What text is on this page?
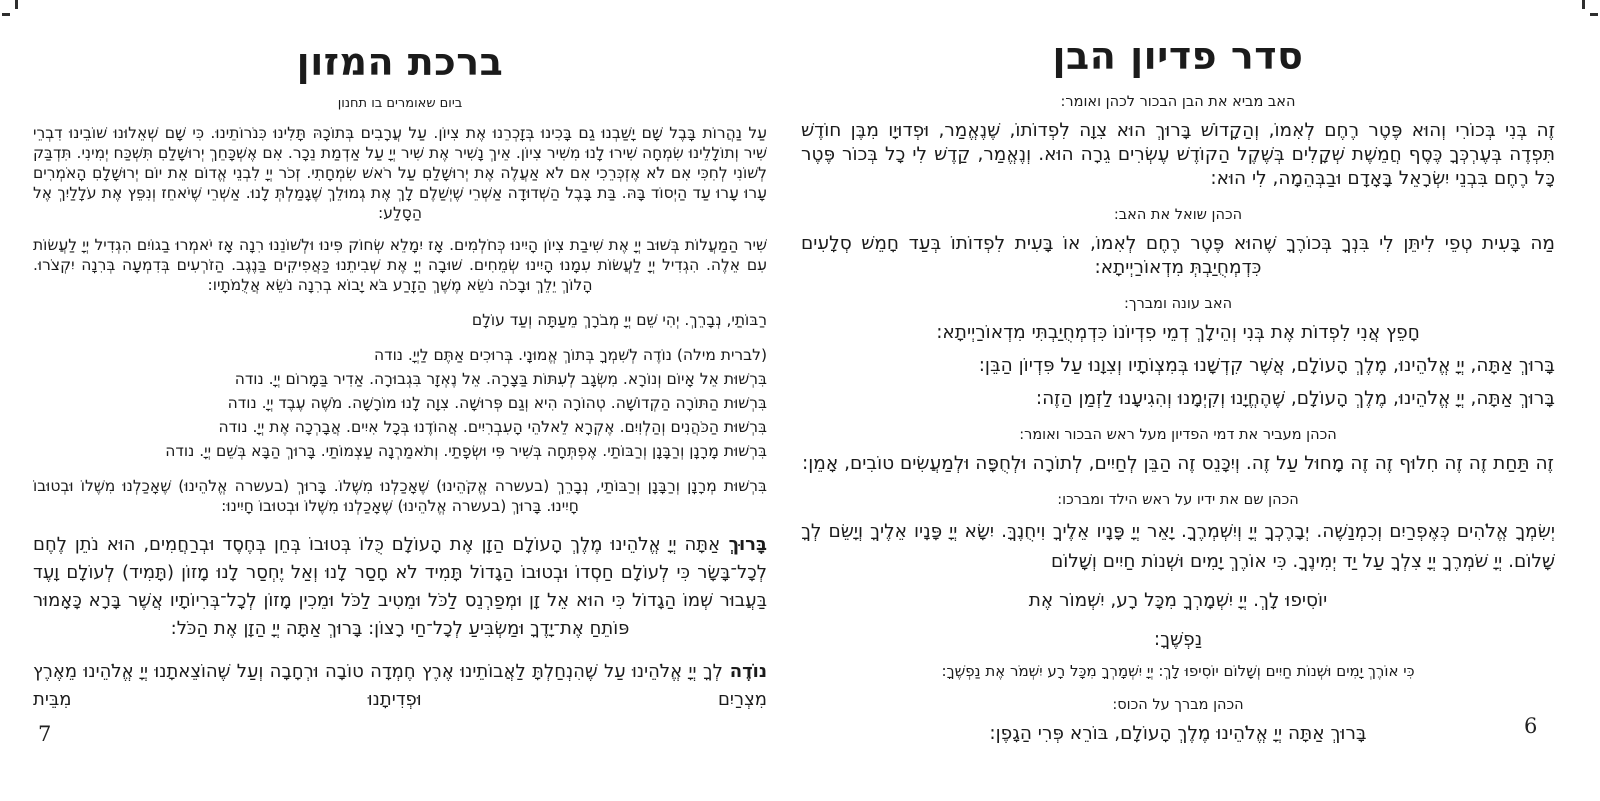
סדר פדיון הבן
האב מביא את הבן הבכור לכהן ואומר:
זֶה בְּנִי בְּכוֹרִי וְהוּא פֶּטֶר רֶחֶם לְאִמוֹ, וְהַקָדוֹשׁ בָּרוּךְ הוּא צִוָה לִפְדוֹתוֹ, שֶׁנֶאֱמַר, וּפְדוּיָו מִבֶּן חוֹדֶשׁ תִּפְדֶה בְּעֶרְכְּךָ כֶּסֶף חֲמֵשֶׁת שְׁקָלִים בְּשֶׁקֶל הַקוֹדֶשׁ עֶשְׂרִים גֵרָה הוּא. וְנֶאֱמַר, קַדֶשׁ לִי כָל בְּכוֹר פֶּטֶר כָּל רֶחֶם בִּבְנֵי יִשְׂרָאֵל בָּאָדָם וּבַבְּהֵמָה, לִי הוּא:
הכהן שואל את האב:
מַה בָּעִית טְפֵי לִיתֵּן לִי בִּנְךָ בְּכוֹרֶךָ שֶׁהוּא פֶּטֶר רֶחֶם לְאִמוֹ, אוֹ בָּעִית לִפְדוֹתוֹ בְּעַד חָמֵשׁ סְלָעִים כִּדְמְחֻיַבְתְּ מִדְאוֹרַיְיתָא:
האב עונה ומברך:
חָפֵץ אֲנִי לִפְדוֹת אֶת בְּנִי וְהֵילָךְ דְמֵי פִדְיוֹנוֹ כִּדְמְחֻיַבְתִּי מִדְאוֹרַיְיתָא:
בָּרוּךְ אַתָּה, יְיָ אֱלֹהֵינוּ, מֶלֶךְ הָעוֹלָם, אֲשֶׁר קִדְשָׁנוּ בְּמִצְוֹתָיו וְצִוָנוּ עַל פִּדְיוֹן הַבֵּן:
בָּרוּךְ אַתָּה, יְיָ אֱלֹהֵינוּ, מֶלֶךְ הָעוֹלָם, שֶׁהֶחֱיָנוּ וְקִיְמָנוּ וְהִגִיעָנוּ לַזְמַן הַזֶה:
הכהן מעביר את דמי הפדיון מעל ראש הבכור ואומר:
זֶה תַּחַת זֶה זֶה חִלוּף זֶה זֶה מָחוּל עַל זֶה. וְיִכָּנֵס זֶה הַבֵּן לְחַיִים, לְתוֹרָה וּלְחֻפָּה וּלְמַעֲשִׂים טוֹבִים, אָמֵן:
הכהן שם את ידיו על ראש הילד ומברכו:
יְשִׂמְךָ אֱלֹהִים כְּאֶפְרַיִם וְכִמְנַשֶׁה. יְבָרֶכְךָ יְיָ וְיִשְׁמְרֶךָ. יָאֵר יְיָ פָּנָיו אֵלֶיךָ וִיחֻנֶךָּ. יִשָׂא יְיָ פָּנָיו אֵלֶיךָ וְיָשֵׂם לְךָ שָׁלוֹם. יְיָ שֹׁמְרֶךָ יְיָ צִלְךָ עַל יַד יְמִינֶךָ. כִּי אוֹרֶךְ יָמִים וּשְׁנוֹת חַיִים וְשָׁלוֹם
יוֹסִיפוּ לָךְ. יְיָ יִשְׁמָרְךָ מִכָּל רָע, יִשְׁמוֹר אֶת
נַפְשֶׁךָ:
כִּי אוֹרֶךְ יָמִים וּשְׁנוֹת חַיִים וְשָׁלוֹם יוֹסִיפוּ לָךְ: יְיָ יִשְׁמָרְךָ מִכָּל רָע יִשְׁמֹר אֶת נַפְשֶׁךָ:
הכהן מברך על הכוס:
בָּרוּךְ אַתָּה יְיָ אֱלֹהֵינוּ מֶלֶךְ הָעוֹלָם, בּוֹרֵא פְּרִי הַגָפֶן:
ברכת המזון
ביום שאומרים בו תחנון
עַל נַהֲרוֹת בָּבֶל שָׁם יָשַׁבְנוּ גַם בָּכִינוּ בְּזָכְרֵנוּ אֶת צִיוֹן. עַל עֲרָבִים בְּתוֹכָהּ תָּלִינוּ כִּנֹרוֹתֵינוּ. כִּי שָׁם שְׁאֵלוּנוּ שׁוֹבֵינוּ דִבְרֵי שִׁיר וְתוֹלָלֵינוּ שִׂמְחָה שִׁירוּ לָנוּ מִשִׁיר צִיוֹן. אֵיךְ נָשִׁיר אֶת שִׁיר יְיָ עַל אַדְמַת נֵכָר. אִם אֶשְׁכָּחֵךְ יְרוּשָׁלַםִ תִּשְׁכַּח יְמִינִי. תִּדְבַּק לְשׁוֹנִי לְחִכִּי אִם לֹא אֶזְכְּרֵכִי אִם לֹא אַעֲלֶה אֶת יְרוּשָׁלַםִ עַל רֹאשׁ שִׂמְחָתִי. זְכֹר יְיָ לִבְנֵי אֱדוֹם אֵת יוֹם יְרוּשָׁלָםִ הָאֹמְרִים עָרוּ עָרוּ עַד הַיְסוֹד בָּהּ. בַּת בָּבֶל הַשְׁדוּדָה אַשְׁרֵי שֶׁיְשַׁלֶם לָךְ אֶת גְמוּלֵךְ שֶׁגָמַלְתְּ לָנוּ. אַשְׁרֵי שֶׁיֹאחֵז וְנִפֵּץ אֶת עֹלָלַיִךְ אֶל הַסָלַע:
שִׁיר הַמַעֲלוֹת בְּשׁוּב יְיָ אֶת שִׁיבַת צִיוֹן הָיִינוּ כְּחֹלְמִים. אָז יִמָלֵא שְׂחוֹק פִּינוּ וּלְשׁוֹנֵנוּ רִנָה אָז יֹאמְרוּ בַגוֹיִם הִגְדִיל יְיָ לַעֲשׂוֹת עִם אֵלֶה. הִגְדִיל יְיָ לַעֲשׂוֹת עִמָנוּ הָיִינוּ שְׂמֵחִים. שׁוּבָה יְיָ אֶת שְׁבִיתֵנוּ כַּאֲפִיקִים בַּנֶגֶב. הַזֹרְעִים בְּדִמְעָה בְּרִנָה יִקְצֹרוּ. הָלוֹךְ יֵלֵךְ וּבָכֹה נֹשֵׂא מֶשֶׁךְ הַזָרַע בֹּא יָבוֹא בְרִנָה נֹשֵׂא אֲלֻמֹתָיו:
רַבּוֹתַי, נְבָרֵךְ. יְהִי שֵׁם יְיָ מְבֹרָךְ מֵעַתָּה וְעַד עוֹלָם
(לברית מילה) נוֹדֶה לְשִׁמְךָ בְּתוֹךְ אֱמוּנָי. בְּרוּכִים אַתֶּם לַיְיָ. נודה
בִּרְשׁוּת אֵל אָיוֹם וְנוֹרָא. מִשְׂגָב לְעִתּוֹת בַּצָרָה. אֵל נֶאְזָר בִּגְבוּרָה. אַדִיר בַּמָרוֹם יְיָ. נודה
בִּרְשׁוּת הַתּוֹרָה הַקְדוֹשָׁה. טְהוֹרָה הִיא וְגַם פְּרוּשָׁה. צִוָה לָנוּ מוֹרָשָׁה. מֹשֶׁה עֶבֶד יְיָ. נודה
בִּרְשׁוּת הַכֹּהֲנִים וְהַלְוִיִם. אֶקְרָא לֵאלֹהֵי הָעִבְרִיִים. אֲהוֹדֶנוּ בְּכָל אִיִים. אֲבָרְכָה אֶת יְיָ. נודה
בִּרְשׁוּת מָרָנָן וְרַבָּנָן וְרַבּוֹתַי. אֶפְתְּחָה בְּשִׁיר פִּי וּשְׂפָתַי. וְתֹאמַרְנָה עַצְמוֹתַי. בָּרוּךְ הַבָּא בְּשֵׁם יְיָ. נודה
בִּרְשׁוּת מְרָנָן וְרַבָּנָן וְרַבּוֹתַי, נְבָרֵךְ (בעשרה אֱקֹהֵינוּ) שֶׁאָכַלְנוּ מִשֶׁלוֹ. בָּרוּךְ (בעשרה אֱלֹהֵינוּ) שֶׁאָכַלְנוּ מִשֶׁלוֹ וּבְטוּבוֹ חָיִינוּ. בָּרוּךְ (בעשרה אֱלֹהֵינוּ) שֶׁאָכַלְנוּ מִשֶׁלוֹ וּבְטוּבוֹ חָיִינוּ:
בָּרוּךְ אַתָּה יְיָ אֱלֹהֵינוּ מֶלֶךְ הָעוֹלָם הַזָן אֶת הָעוֹלָם כֻּלוֹ בְּטוּבוֹ בְּחֵן בְּחֶסֶד וּבְרַחֲמִים, הוּא נֹתֵן לֶחֶם לְכָל־בָּשָׂר כִּי לְעוֹלָם חַסְדוֹ וּבְטוּבוֹ הַגָדוֹל תָּמִיד לֹא חָסַר לָנוּ וְאַל יֶחְסַר לָנוּ מָזוֹן (תָּמִיד) לְעוֹלָם וָעֶד בַּעֲבוּר שְׁמוֹ הַגָדוֹל כִּי הוּא אֵל זָן וּמְפַרְנֵס לַכֹּל וּמֵטִיב לַכֹּל וּמֵכִין מָזוֹן לְכָל־בְּרִיוֹתָיו אֲשֶׁר בָּרָא כָּאָמוּר פּוֹתֵחַ אֶת־יָדֶךָ וּמַשְׂבִּיעַ לְכָל־חַי רָצוֹן: בָּרוּךְ אַתָּה יְיָ הַזָן אֶת הַכֹּל:
נוֹדֶה לְךָ יְיָ אֱלֹהֵינוּ עַל שֶׁהִנְחַלְתָּ לַאֲבוֹתֵינוּ אֶרֶץ חֶמְדָה טוֹבָה וּרְחָבָה וְעַל שֶׁהוֹצֵאתָנוּ יְיָ אֱלֹהֵינוּ מֵאֶרֶץ מִצְרַיִם וּפְדִיתָנוּ מִבֵּית
7	6
